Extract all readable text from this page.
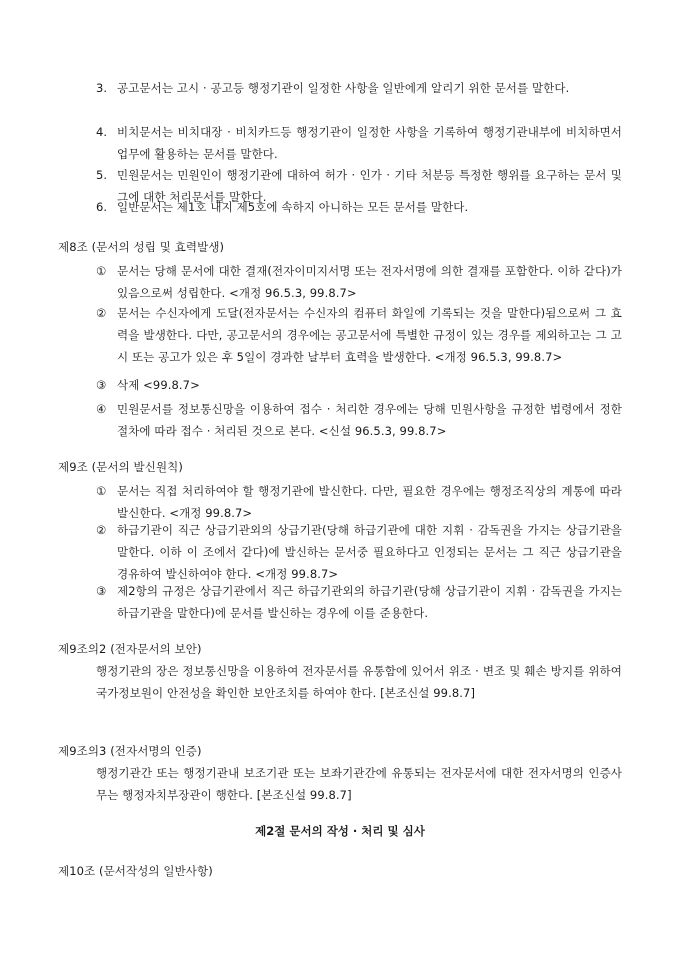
3. 공고문서는 고시 · 공고등 행정기관이 일정한 사항을 일반에게 알리기 위한 문서를 말한다.
4. 비치문서는 비치대장 · 비치카드등 행정기관이 일정한 사항을 기록하여 행정기관내부에 비치하면서 업무에 활용하는 문서를 말한다.
5. 민원문서는 민원인이 행정기관에 대하여 허가 · 인가 · 기타 처분등 특정한 행위를 요구하는 문서 및 그에 대한 처리문서를 말한다.
6. 일반문서는 제1호 내지 제5호에 속하지 아니하는 모든 문서를 말한다.
제8조 (문서의 성립 및 효력발생)
① 문서는 당해 문서에 대한 결재(전자이미지서명 또는 전자서명에 의한 결재를 포함한다. 이하 같다)가 있음으로써 성립한다. <개정 96.5.3, 99.8.7>
② 문서는 수신자에게 도달(전자문서는 수신자의 컴퓨터 화일에 기록되는 것을 말한다)됨으로써 그 효력을 발생한다. 다만, 공고문서의 경우에는 공고문서에 특별한 규정이 있는 경우를 제외하고는 그 고시 또는 공고가 있은 후 5일이 경과한 날부터 효력을 발생한다. <개정 96.5.3, 99.8.7>
③ 삭제 <99.8.7>
④ 민원문서를 정보통신망을 이용하여 접수 · 처리한 경우에는 당해 민원사항을 규정한 법령에서 정한 절차에 따라 접수 · 처리된 것으로 본다. <신설 96.5.3, 99.8.7>
제9조 (문서의 발신원칙)
① 문서는 직접 처리하여야 할 행정기관에 발신한다. 다만, 필요한 경우에는 행정조직상의 계통에 따라 발신한다. <개정 99.8.7>
② 하급기관이 직근 상급기관외의 상급기관(당해 하급기관에 대한 지휘 · 감독권을 가지는 상급기관을 말한다. 이하 이 조에서 같다)에 발신하는 문서중 필요하다고 인정되는 문서는 그 직근 상급기관을 경유하여 발신하여야 한다. <개정 99.8.7>
③ 제2항의 규정은 상급기관에서 직근 하급기관외의 하급기관(당해 상급기관이 지휘 · 감독권을 가지는 하급기관을 말한다)에 문서를 발신하는 경우에 이를 준용한다.
제9조의2 (전자문서의 보안)
행정기관의 장은 정보통신망을 이용하여 전자문서를 유통함에 있어서 위조 · 변조 및 훼손 방지를 위하여 국가정보원이 안전성을 확인한 보안조치를 하여야 한다. [본조신설 99.8.7]
제9조의3 (전자서명의 인증)
행정기관간 또는 행정기관내 보조기관 또는 보좌기관간에 유통되는 전자문서에 대한 전자서명의 인증사무는 행정자치부장관이 행한다. [본조신설 99.8.7]
제2절 문서의 작성 · 처리 및 심사
제10조 (문서작성의 일반사항)
